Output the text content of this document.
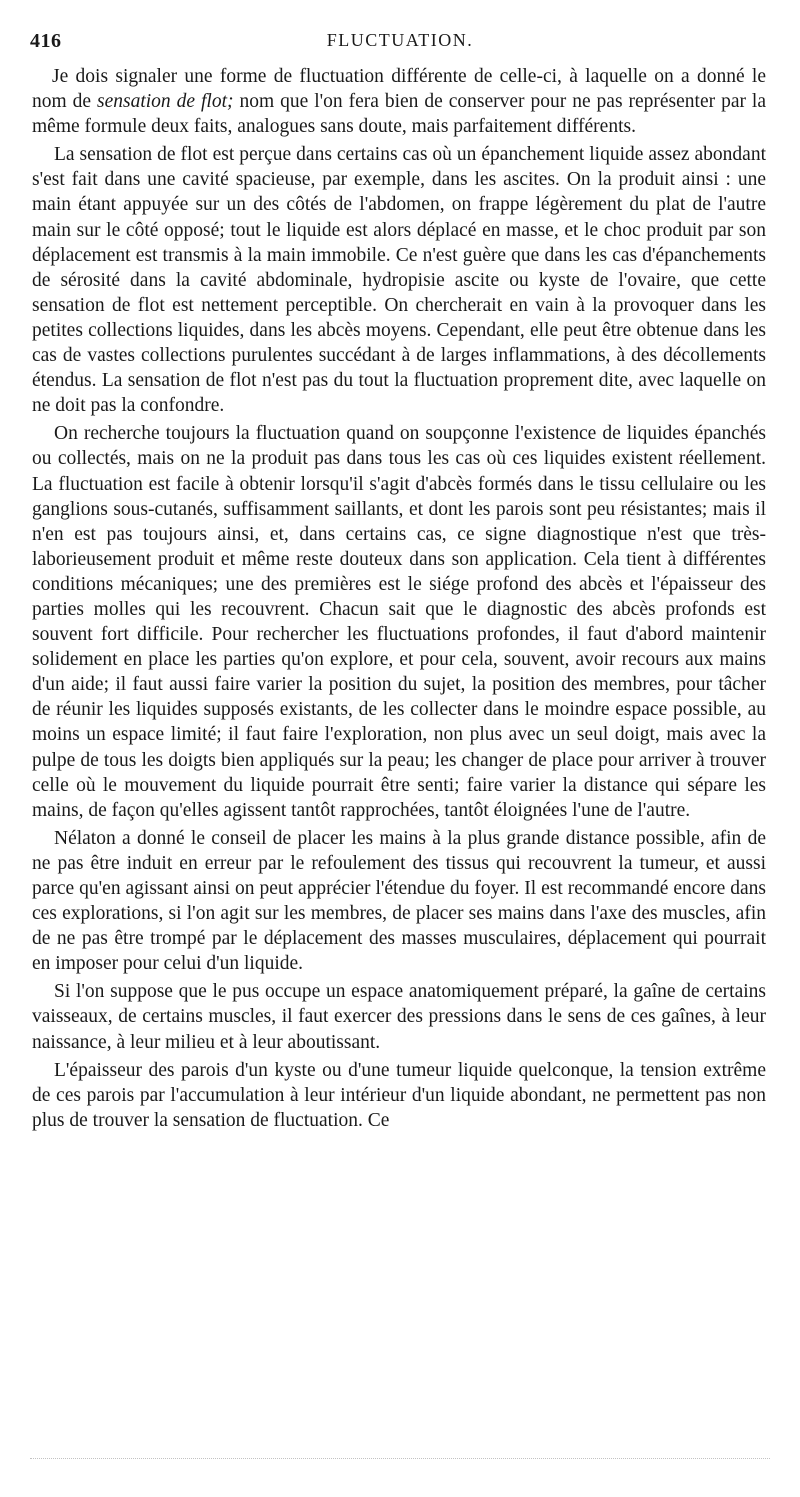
416	FLUCTUATION.

Je dois signaler une forme de fluctuation différente de celle-ci, à laquelle on a donné le nom de sensation de flot; nom que l'on fera bien de conserver pour ne pas représenter par la même formule deux faits, analogues sans doute, mais parfaitement différents.

La sensation de flot est perçue dans certains cas où un épanchement liquide assez abondant s'est fait dans une cavité spacieuse, par exemple, dans les ascites. On la produit ainsi : une main étant appuyée sur un des côtés de l'abdomen, on frappe légèrement du plat de l'autre main sur le côté opposé; tout le liquide est alors déplacé en masse, et le choc produit par son déplacement est transmis à la main immobile. Ce n'est guère que dans les cas d'épanchements de sérosité dans la cavité abdominale, hydropisie ascite ou kyste de l'ovaire, que cette sensation de flot est nettement perceptible. On chercherait en vain à la provoquer dans les petites collections liquides, dans les abcès moyens. Cependant, elle peut être obtenue dans les cas de vastes collections purulentes succédant à de larges inflammations, à des décollements étendus. La sensation de flot n'est pas du tout la fluctuation proprement dite, avec laquelle on ne doit pas la confondre.

On recherche toujours la fluctuation quand on soupçonne l'existence de liquides épanchés ou collectés, mais on ne la produit pas dans tous les cas où ces liquides existent réellement. La fluctuation est facile à obtenir lorsqu'il s'agit d'abcès formés dans le tissu cellulaire ou les ganglions sous-cutanés, suffisamment saillants, et dont les parois sont peu résistantes; mais il n'en est pas toujours ainsi, et, dans certains cas, ce signe diagnostique n'est que très-laborieusement produit et même reste douteux dans son application. Cela tient à différentes conditions mécaniques; une des premières est le siége profond des abcès et l'épaisseur des parties molles qui les recouvrent. Chacun sait que le diagnostic des abcès profonds est souvent fort difficile. Pour rechercher les fluctuations profondes, il faut d'abord maintenir solidement en place les parties qu'on explore, et pour cela, souvent, avoir recours aux mains d'un aide; il faut aussi faire varier la position du sujet, la position des membres, pour tâcher de réunir les liquides supposés existants, de les collecter dans le moindre espace possible, au moins un espace limité; il faut faire l'exploration, non plus avec un seul doigt, mais avec la pulpe de tous les doigts bien appliqués sur la peau; les changer de place pour arriver à trouver celle où le mouvement du liquide pourrait être senti; faire varier la distance qui sépare les mains, de façon qu'elles agissent tantôt rapprochées, tantôt éloignées l'une de l'autre.

Nélaton a donné le conseil de placer les mains à la plus grande distance possible, afin de ne pas être induit en erreur par le refoulement des tissus qui recouvrent la tumeur, et aussi parce qu'en agissant ainsi on peut apprécier l'étendue du foyer. Il est recommandé encore dans ces explorations, si l'on agit sur les membres, de placer ses mains dans l'axe des muscles, afin de ne pas être trompé par le déplacement des masses musculaires, déplacement qui pourrait en imposer pour celui d'un liquide.

Si l'on suppose que le pus occupe un espace anatomiquement préparé, la gaîne de certains vaisseaux, de certains muscles, il faut exercer des pressions dans le sens de ces gaînes, à leur naissance, à leur milieu et à leur aboutissant.

L'épaisseur des parois d'un kyste ou d'une tumeur liquide quelconque, la tension extrême de ces parois par l'accumulation à leur intérieur d'un liquide abondant, ne permettent pas non plus de trouver la sensation de fluctuation. Ce
